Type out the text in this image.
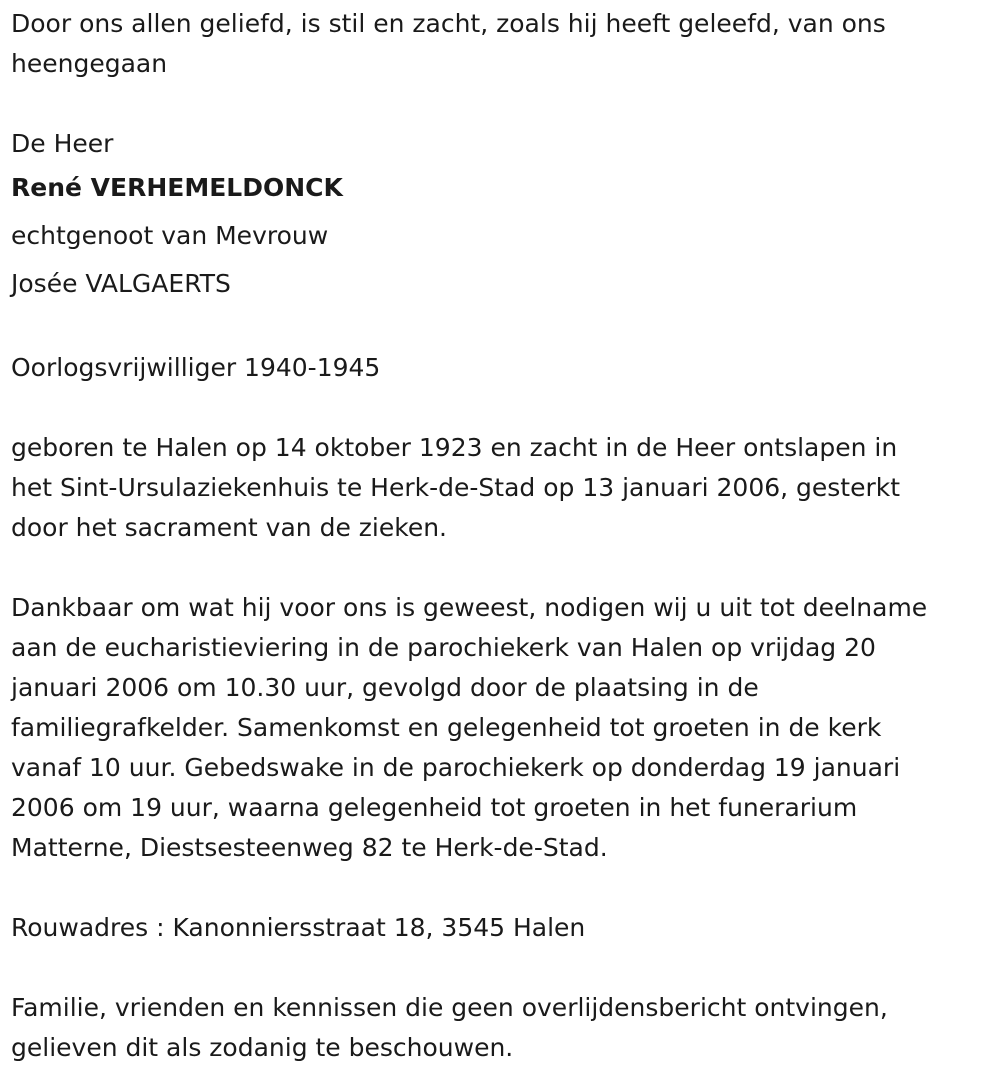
Door ons allen geliefd, is stil en zacht, zoals hij heeft geleefd, van ons
heengegaan

De Heer

René VERHEMELDONCK

echtgenoot van Mevrouw

Josée VALGAERTS

Oorlogsvrijwilliger 1940-1945

geboren te Halen op 14 oktober 1923 en zacht in de Heer ontslapen in
het Sint-Ursulaziekenhuis te Herk-de-Stad op 13 januari 2006, gesterkt
door het sacrament van de zieken.

Dankbaar om wat hij voor ons is geweest, nodigen wij u uit tot deelname
aan de eucharistieviering in de parochiekerk van Halen op vrijdag 20
januari 2006 om 10.30 uur, gevolgd door de plaatsing in de
familiegrafkelder. Samenkomst en gelegenheid tot groeten in de kerk
vanaf 10 uur. Gebedswake in de parochiekerk op donderdag 19 januari
2006 om 19 uur, waarna gelegenheid tot groeten in het funerarium
Matterne, Diestsesteenweg 82 te Herk-de-Stad.

Rouwadres : Kanonniersstraat 18, 3545 Halen

Familie, vrienden en kennissen die geen overlijdensbericht ontvingen,
gelieven dit als zodanig te beschouwen.
